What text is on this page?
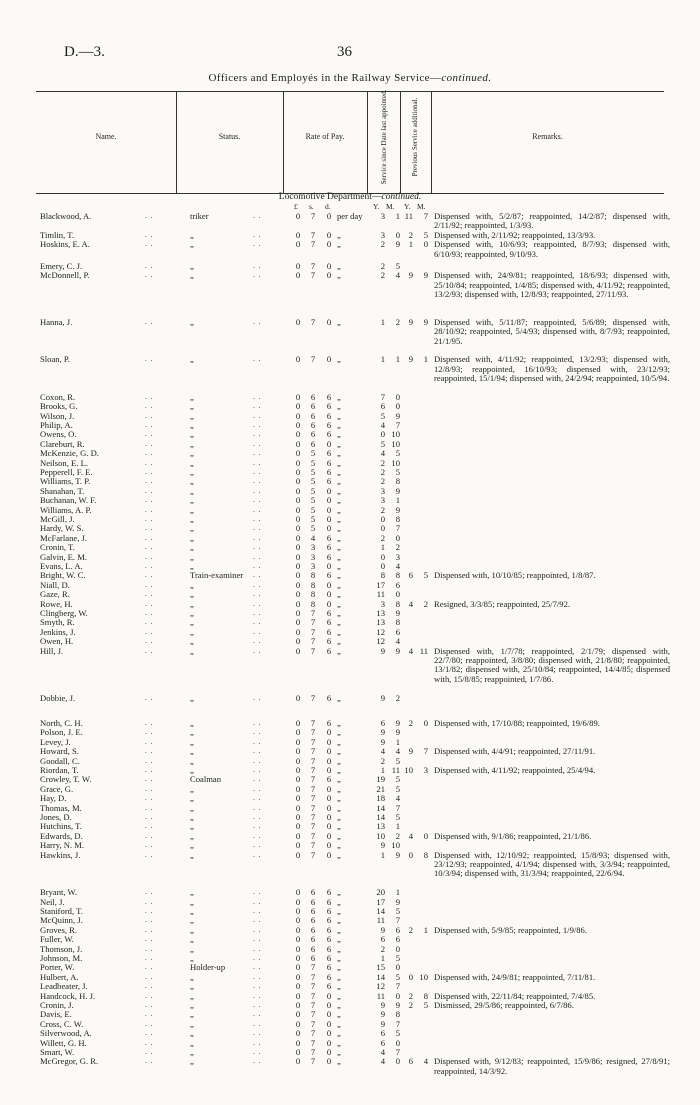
D.—3.	36
Officers and Employés in the Railway Service—continued.
Name.	Status.	Rate of Pay.	Service since Date last appointed.	Previous Service additional.	Remarks.
Locomotive Department—continued.
£ s. d.	Y. M. Y. M.
. .	. .
Blackwood, A.	triker	0 7 0 per day	3	1 11	7 Dispensed with, 5/2/87; reappointed, 14/2/87; dispensed with, 2/11/92; reappointed, 1/3/93.
. .	. .
Timlin, T.	„	0 7 0 „	3	0	2	5 Dispensed with, 2/11/92; reappointed, 13/3/93.
. .	. .
Hoskins, E. A.	„	0 7 0 „	2	9	1	0 Dispensed with, 10/6/93; reappointed, 8/7/93; dispensed with, 6/10/93; reappointed, 9/10/93.
. .	. .
Emery, C. J.	„	0 7 0 „	2	5
. .	. .
McDonnell, P.	„	0 7 0 „	2	4	9	9 Dispensed with, 24/9/81; reappointed, 18/6/93; dispensed with, 25/10/84; reappointed, 1/4/85; dispensed with, 4/11/92; reappointed, 13/2/93; dispensed with, 12/8/93; reappointed, 27/11/93.
. .	. .
Hanna, J.	„	0 7 0 „	1	2	9	9 Dispensed with, 5/11/87; reappointed, 5/6/89; dispensed with, 28/10/92; reappointed, 5/4/93; dispensed with, 8/7/93; reappointed, 21/1/95.
. .	. .
Sloan, P.	„	0 7 0 „	1	1	9	1 Dispensed with, 4/11/92; reappointed, 13/2/93; dispensed with, 12/8/93; reappointed, 16/10/93; dispensed with, 23/12/93; reappointed, 15/1/94; dispensed with, 24/2/94; reappointed, 10/5/94.
. .	. .
Coxon, R.	„	0 6 6 „	7	0
. .	. .
Brooks, G.	„	0 6 6 „	6	0
. .	. .
Wilson, J.	„	0 6 6 „	5	9
. .	. .
Philip, A.	„	0 6 6 „	4	7
. .	. .
Owens, O.	„	0 6 6 „	0 10
. .	. .
Clareburt, R.	„	0 6 0 „	5 10
. .	. .
McKenzie, G. D.	„	0 5 6 „	4	5
. .	. .
Neilson, E. L.	„	0 5 6 „	2 10
. .	. .
Pepperell, F. E.	„	0 5 6 „	2	5
. .	. .
Williams, T. P.	„	0 5 6 „	2	8
. .	. .
Shanahan, T.	„	0 5 0 „	3	9
. .	. .
Buchanan, W. F.	„	0 5 0 „	3	1
. .	. .
Williams, A. P.	„	0 5 0 „	2	9
. .	. .
McGill, J.	„	0 5 0 „	0	8
. .	. .
Hardy, W. S.	„	0 5 0 „	0	7
. .	. .
McFarlane, J.	„	0 4 6 „	2	0
. .	. .
Cronin, T.	„	0 3 6 „	1	2
. .	. .
Galvin, E. M.	„	0 3 6 „	0	3
. .	. .
Evans, L. A.	„	0 3 0 „	0	4
. .	. .
Bright, W. C.	Train-examiner	0 8 6 „	8	8	6	5 Dispensed with, 10/10/85; reappointed, 1/8/87.
. .	. .
Niall, D.	„	0 8 0 „	17	6
. .	. .
Gaze, R.	„	0 8 0 „	11	0
. .	. .
Rowe, H.	„	0 8 0 „	3	8	4	2 Resigned, 3/3/85; reappointed, 25/7/92.
. .	. .
Clingberg, W.	„	0 7 6 „	13	9
. .	. .
Smyth, R.	„	0 7 6 „	13	8
. .	. .
Jenkins, J.	„	0 7 6 „	12	6
. .	. .
Owen, H.	„	0 7 6 „	12	4
. .	. .
Hill, J.	„	0 7 6 „	9	9	4 11 Dispensed with, 1/7/78; reappointed, 2/1/79; dispensed with, 22/7/80; reappointed, 3/8/80; dispensed with, 21/8/80; reappointed, 13/1/82; dispensed with, 25/10/84; reappointed, 14/4/85; dispensed with, 15/8/85; reappointed, 1/7/86.
. .	. .
Dobbie, J.	„	0 7 6 „	9	2
. .	. .
North, C. H.	„	0 7 6 „	6	9	2	0 Dispensed with, 17/10/88; reappointed, 19/6/89.
. .	. .
Polson, J. E.	„	0 7 0 „	9	9
. .	. .
Levey, J.	„	0 7 0 „	9	1
. .	. .
Howard, S.	„	0 7 0 „	4	4	9	7 Dispensed with, 4/4/91; reappointed, 27/11/91.
. .	. .
Goodall, C.	„	0 7 0 „	2	5
. .	. .
Riordan, T.	„	0 7 0 „	1 11 10	3 Dispensed with, 4/11/92; reappointed, 25/4/94.
. .	. .
Crowley, T. W.	Coalman	0 7 6 „	19	5
. .	. .
Grace, G.	„	0 7 0 „	21	5
. .	. .
Hay, D.	„	0 7 0 „	18	4
. .	. .
Thomas, M.	„	0 7 0 „	14	7
. .	. .
Jones, D.	„	0 7 0 „	14	5
. .	. .
Hutchins, T.	„	0 7 0 „	13	1
. .	. .
Edwards, D.	„	0 7 0 „	10	2	4	0 Dispensed with, 9/1/86; reappointed, 21/1/86.
. .	. .
Harry, N. M.	„	0 7 0 „	9 10
. .	. .
Hawkins, J.	„	0 7 0 „	1	9	0	8 Dispensed with, 12/10/92; reappointed, 15/8/93; dispensed with, 23/12/93; reappointed, 4/1/94; dispensed with, 3/3/94; reappointed, 10/3/94; dispensed with, 31/3/94; reappointed, 22/6/94.
. .	. .
Bryant, W.	„	0 6 6 „	20	1
. .	. .
Neil, J.	„	0 6 6 „	17	9
. .	. .
Staniford, T.	„	0 6 6 „	14	5
. .	. .
McQuinn, J.	„	0 6 6 „	11	7
. .	. .
Groves, R.	„	0 6 6 „	9	6	2	1 Dispensed with, 5/9/85; reappointed, 1/9/86.
. .	. .
Fuller, W.	„	0 6 6 „	6	6
. .	. .
Thomson, J.	„	0 6 6 „	2	0
. .	. .
Johnson, M.	„	0 6 6 „	1	5
. .	. .
Porter, W.	Holder-up	0 7 6 „	15	0
. .	. .
Hulbert, A.	„	0 7 6 „	14	5	0 10 Dispensed with, 24/9/81; reappointed, 7/11/81.
. .	. .
Leadbeater, J.	„	0 7 6 „	12	7
. .	. .
Handcock, H. J.	„	0 7 0 „	11	0	2	8 Dispensed with, 22/11/84; reappointed, 7/4/85.
. .	. .
Cronin, J.	„	0 7 0 „	9	9	2	5 Dismissed, 29/5/86; reappointed, 6/7/86.
. .	. .
Davis, E.	„	0 7 0 „	9	8
. .	. .
Cross, C. W.	„	0 7 0 „	9	7
. .	. .
Silverwood, A.	„	0 7 0 „	6	5
. .	. .
Willett, G. H.	„	0 7 0 „	6	0
. .	. .
Smart, W.	„	0 7 0 „	4	7
. .	. .
McGregor, G. R.	„	0 7 0 „	4	0	6	4 Dispensed with, 9/12/83; reappointed, 15/9/86; resigned, 27/8/91; reappointed, 14/3/92.
